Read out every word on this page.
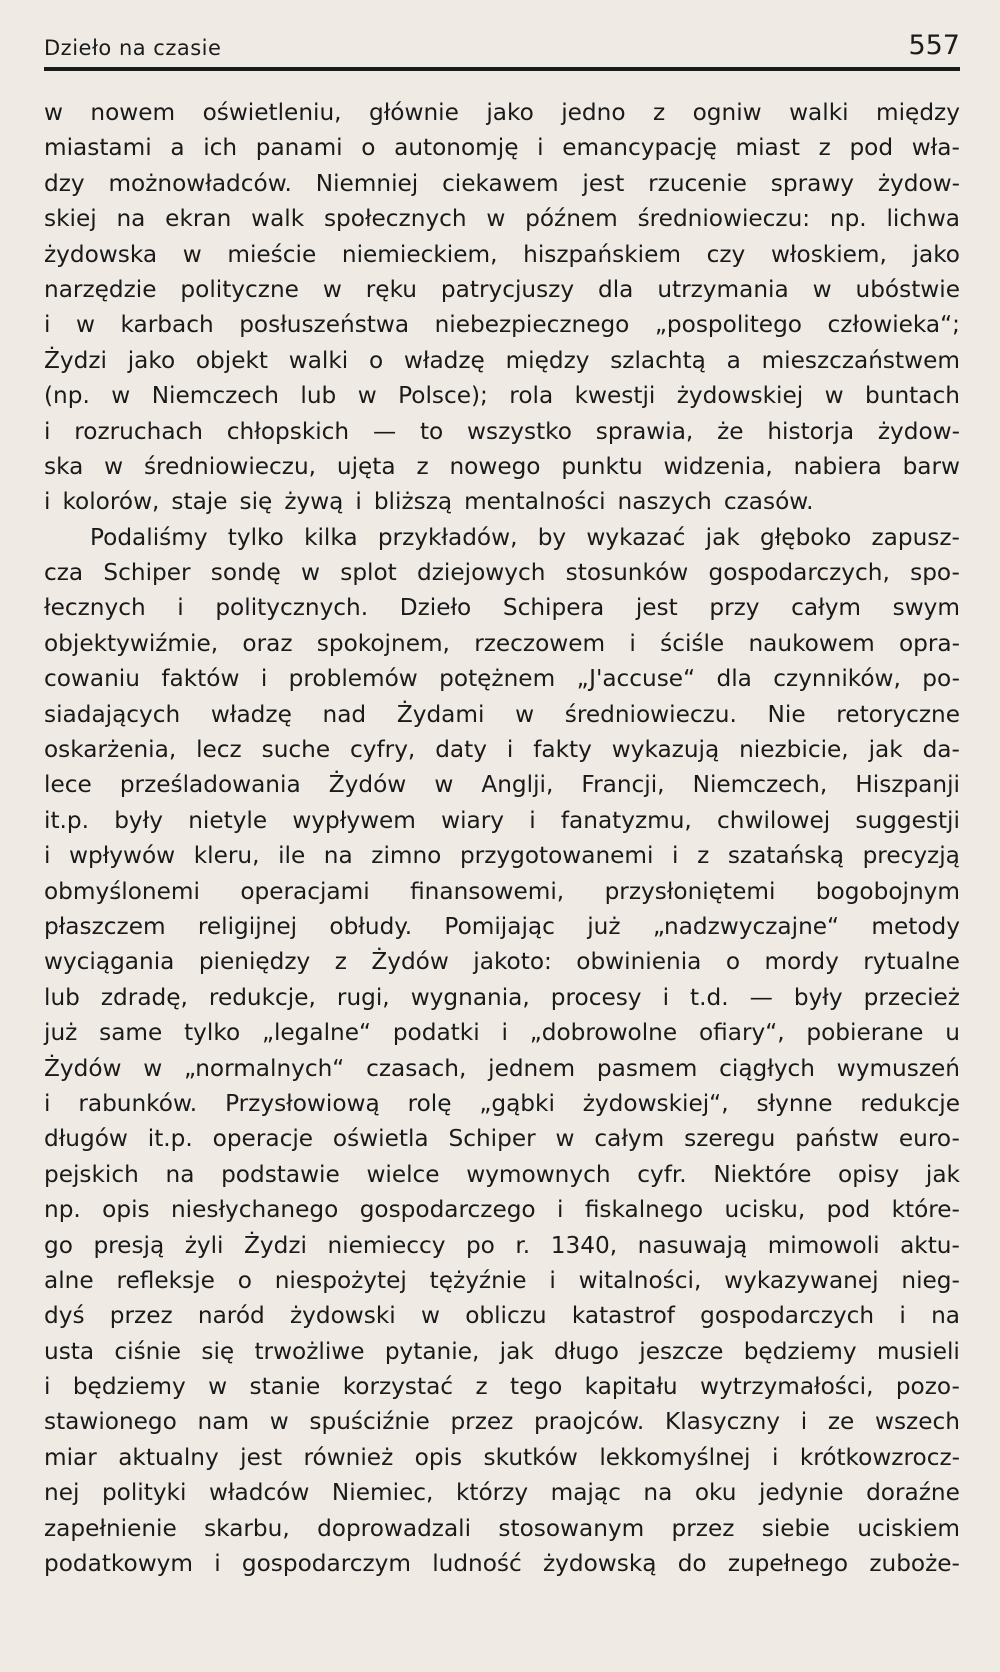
Dzieło na czasie	557
w nowem oświetleniu, głównie jako jedno z ogniw walki między
miastami a ich panami o autonomję i emancypację miast z pod wła-
dzy możnowładców. Niemniej ciekawem jest rzucenie sprawy żydow-
skiej na ekran walk społecznych w późnem średniowieczu: np. lichwa
żydowska w mieście niemieckiem, hiszpańskiem czy włoskiem, jako
narzędzie polityczne w ręku patrycjuszy dla utrzymania w ubóstwie
i w karbach posłuszeństwa niebezpiecznego „pospolitego człowieka“;
Żydzi jako objekt walki o władzę między szlachtą a mieszczaństwem
(np. w Niemczech lub w Polsce); rola kwestji żydowskiej w buntach
i rozruchach chłopskich — to wszystko sprawia, że historja żydow-
ska w średniowieczu, ujęta z nowego punktu widzenia, nabiera barw
i kolorów, staje się żywą i bliższą mentalności naszych czasów.
Podaliśmy tylko kilka przykładów, by wykazać jak głęboko zapusz-
cza Schiper sondę w splot dziejowych stosunków gospodarczych, spo-
łecznych i politycznych. Dzieło Schipera jest przy całym swym
objektywiźmie, oraz spokojnem, rzeczowem i ściśle naukowem opra-
cowaniu faktów i problemów potężnem „J'accuse“ dla czynników, po-
siadających władzę nad Żydami w średniowieczu. Nie retoryczne
oskarżenia, lecz suche cyfry, daty i fakty wykazują niezbicie, jak da-
lece prześladowania Żydów w Anglji, Francji, Niemczech, Hiszpanji
it.p. były nietyle wypływem wiary i fanatyzmu, chwilowej suggestji
i wpływów kleru, ile na zimno przygotowanemi i z szatańską precyzją
obmyślonemi operacjami finansowemi, przysłoniętemi bogobojnym
płaszczem religijnej obłudy. Pomijając już „nadzwyczajne“ metody
wyciągania pieniędzy z Żydów jakoto: obwinienia o mordy rytualne
lub zdradę, redukcje, rugi, wygnania, procesy i t.d. — były przecież
już same tylko „legalne“ podatki i „dobrowolne ofiary“, pobierane u
Żydów w „normalnych“ czasach, jednem pasmem ciągłych wymuszeń
i rabunków. Przysłowiową rolę „gąbki żydowskiej“, słynne redukcje
długów it.p. operacje oświetla Schiper w całym szeregu państw euro-
pejskich na podstawie wielce wymownych cyfr. Niektóre opisy jak
np. opis niesłychanego gospodarczego i fiskalnego ucisku, pod które-
go presją żyli Żydzi niemieccy po r. 1340, nasuwają mimowoli aktu-
alne refleksje o niespożytej tężyźnie i witalności, wykazywanej nieg-
dyś przez naród żydowski w obliczu katastrof gospodarczych i na
usta ciśnie się trwożliwe pytanie, jak długo jeszcze będziemy musieli
i będziemy w stanie korzystać z tego kapitału wytrzymałości, pozo-
stawionego nam w spuściźnie przez praojców. Klasyczny i ze wszech
miar aktualny jest również opis skutków lekkomyślnej i krótkowzrocz-
nej polityki władców Niemiec, którzy mając na oku jedynie doraźne
zapełnienie skarbu, doprowadzali stosowanym przez siebie uciskiem
podatkowym i gospodarczym ludność żydowską do zupełnego zuboże-
